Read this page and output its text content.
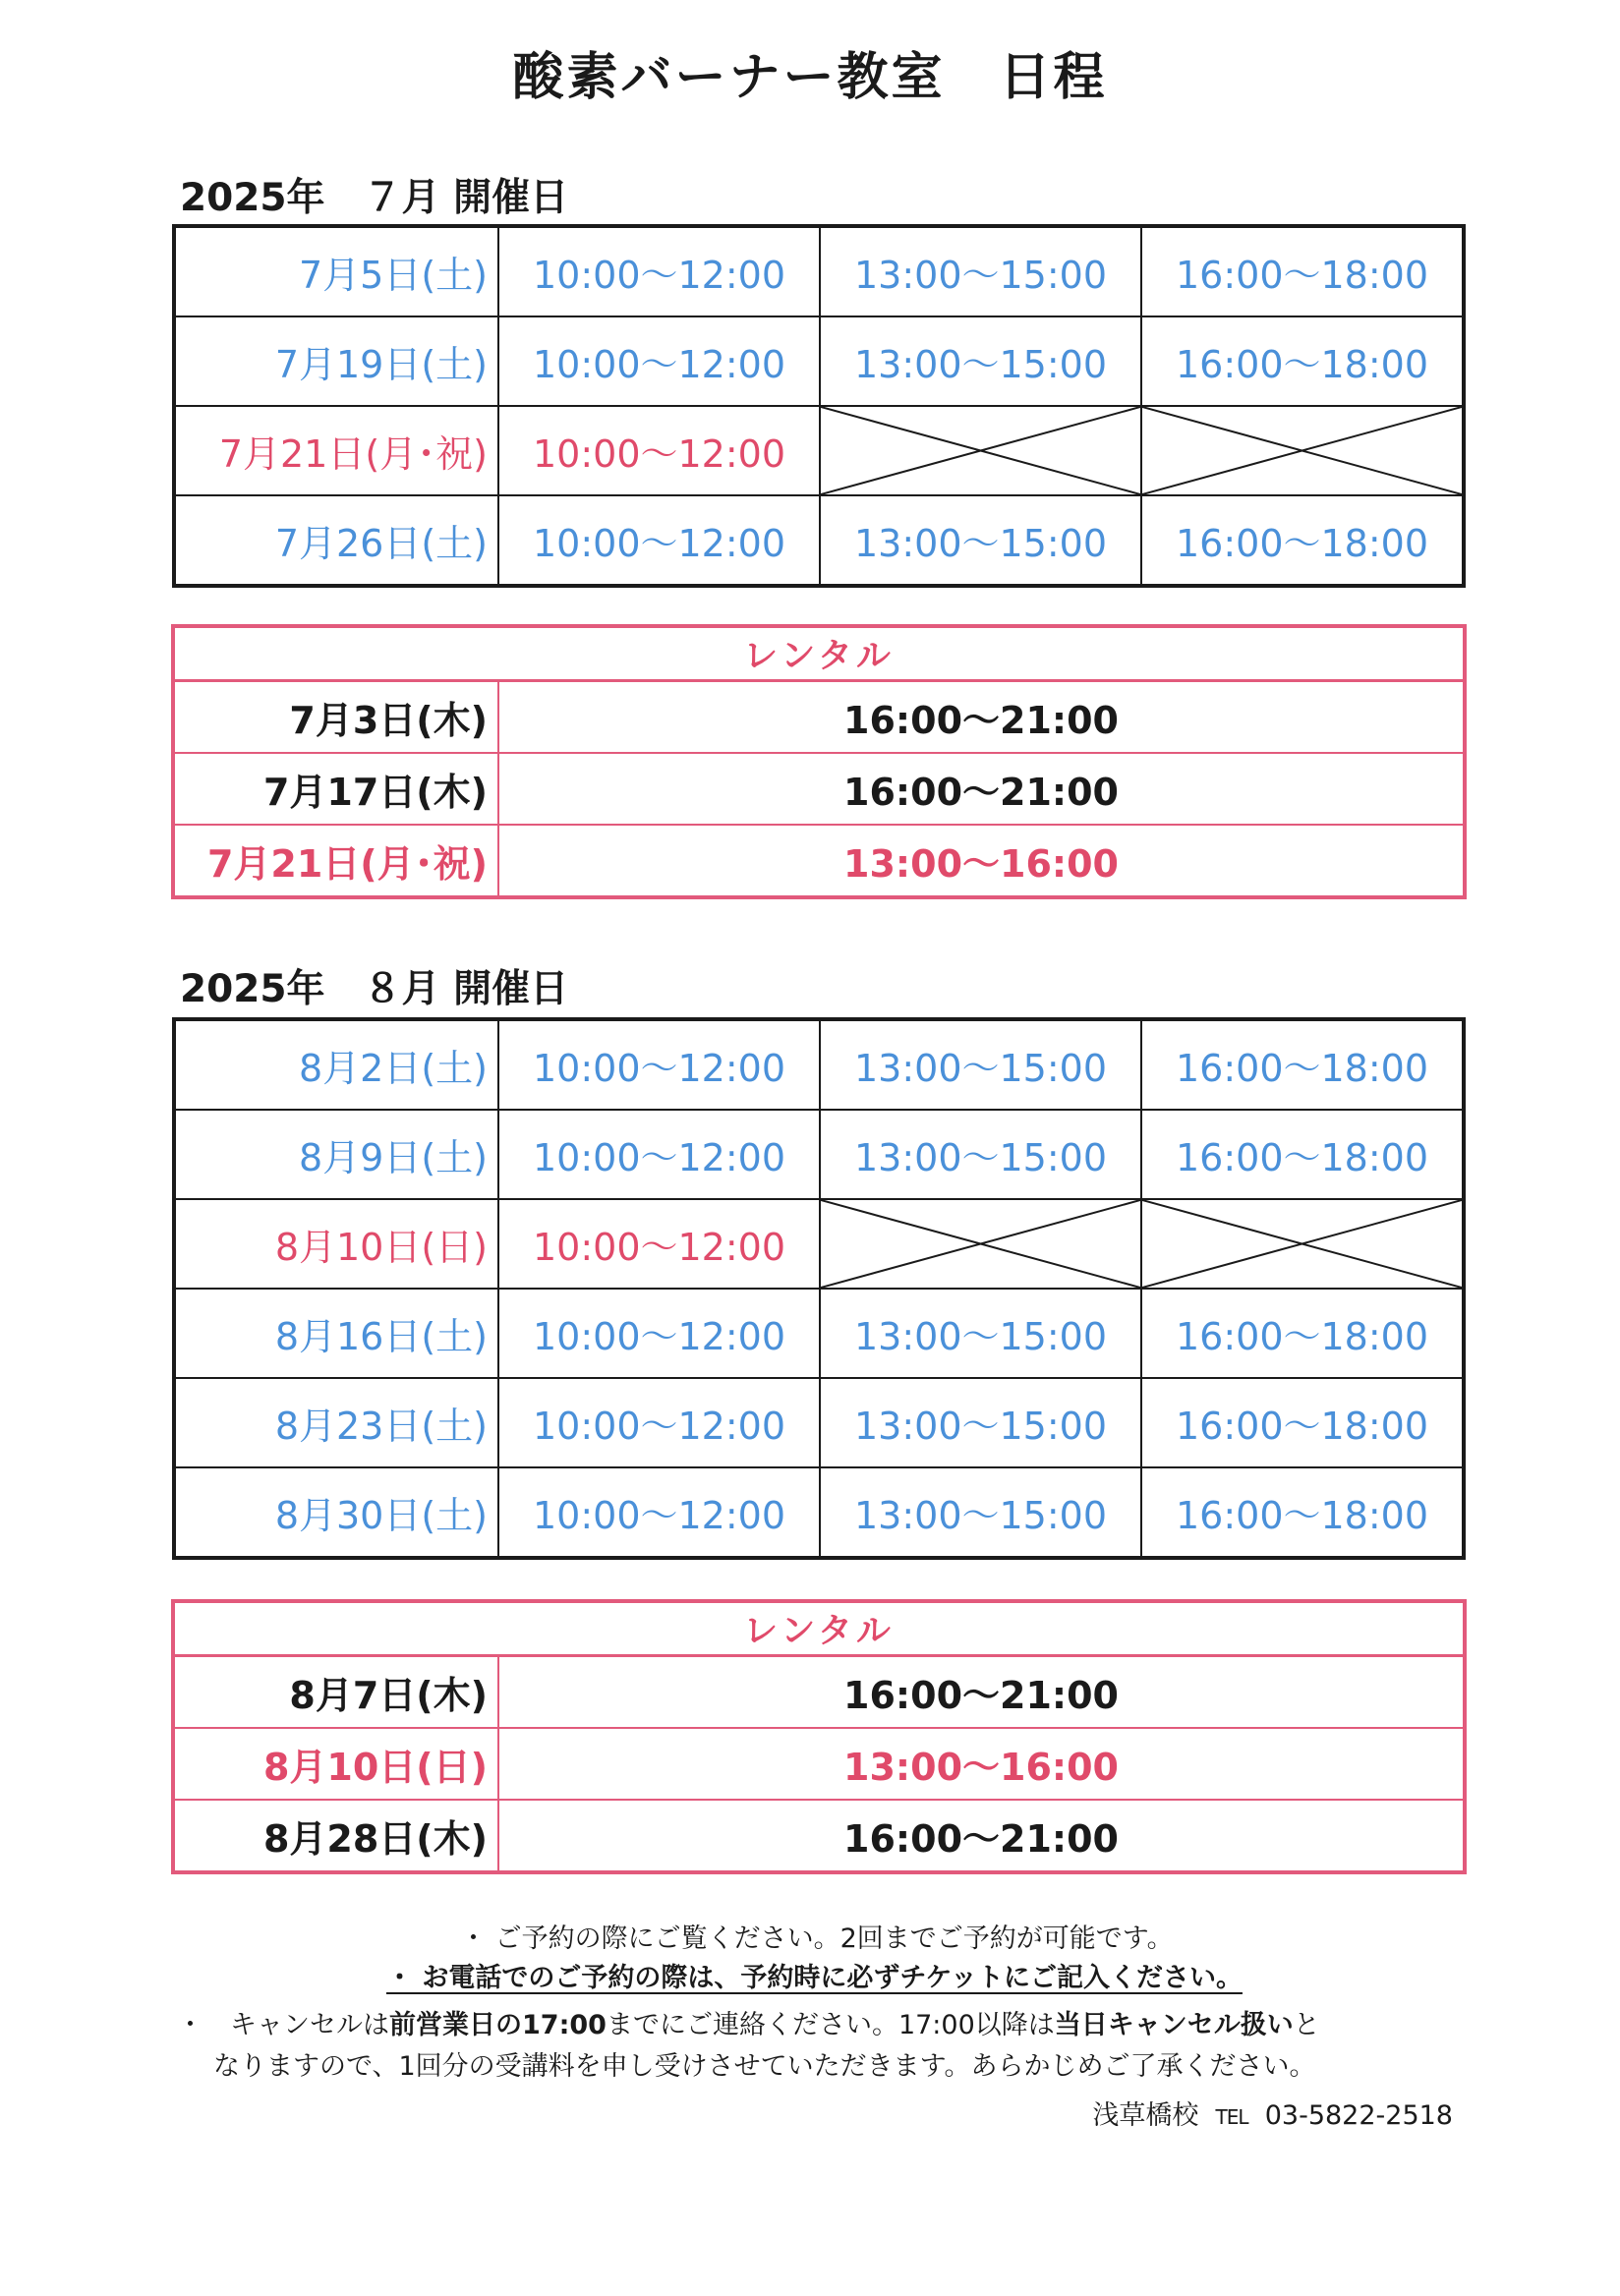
酸素バーナー教室　日程
2025年　７月 開催日
7月5日(土)	10:00～12:00	13:00～15:00	16:00～18:00
7月19日(土)	10:00～12:00	13:00～15:00	16:00～18:00
7月21日(月･祝)	10:00～12:00	

7月26日(土)	10:00～12:00	13:00～15:00	16:00～18:00
レンタル	
7月3日(木)	16:00～21:00
7月17日(木)	16:00～21:00
7月21日(月･祝)	13:00～16:00
2025年　８月 開催日
8月2日(土)	10:00～12:00	13:00～15:00	16:00～18:00
8月9日(土)	10:00～12:00	13:00～15:00	16:00～18:00
8月10日(日)	10:00～12:00	

8月16日(土)	10:00～12:00	13:00～15:00	16:00～18:00
8月23日(土)	10:00～12:00	13:00～15:00	16:00～18:00
8月30日(土)	10:00～12:00	13:00～15:00	16:00～18:00
レンタル	
8月7日(木)	16:00～21:00
8月10日(日)	13:00～16:00
8月28日(木)	16:00～21:00
・ ご予約の際にご覧ください。2回までご予約が可能です。
・ お電話でのご予約の際は、予約時に必ずチケットにご記入ください。
・　 キャンセルは前営業日の17:00までにご連絡ください。17:00以降は当日キャンセル扱いと
なりますので、1回分の受講料を申し受けさせていただきます。あらかじめご了承ください。
浅草橋校 TEL 03-5822-2518
